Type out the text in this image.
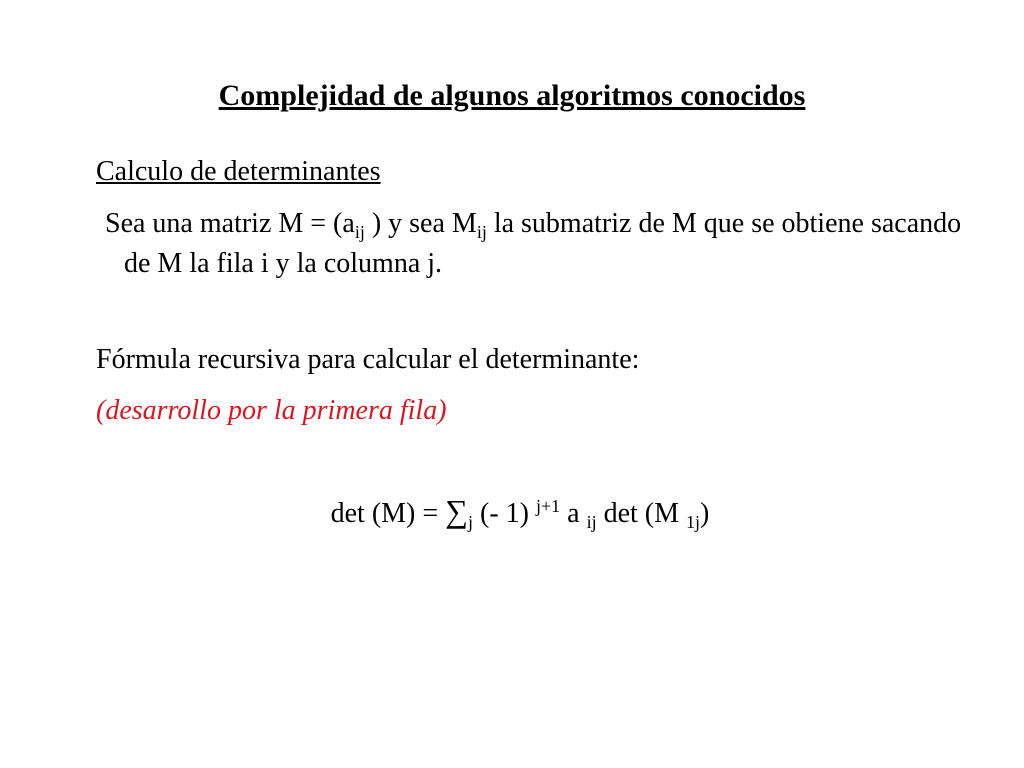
Complejidad de algunos algoritmos conocidos
Calculo de determinantes
Sea una matriz $M = (a_{ij}$ ) y sea $M_{ij}$ la submatriz de M que se obtiene sacando de M la fila i y la columna j.
Fórmula recursiva para calcular el determinante:
(desarrollo por la primera fila)
$\det (M) = \sum_j$ (- 1) $^{j+1}$ a $_{ij}$ det (M $_{1j}$)
